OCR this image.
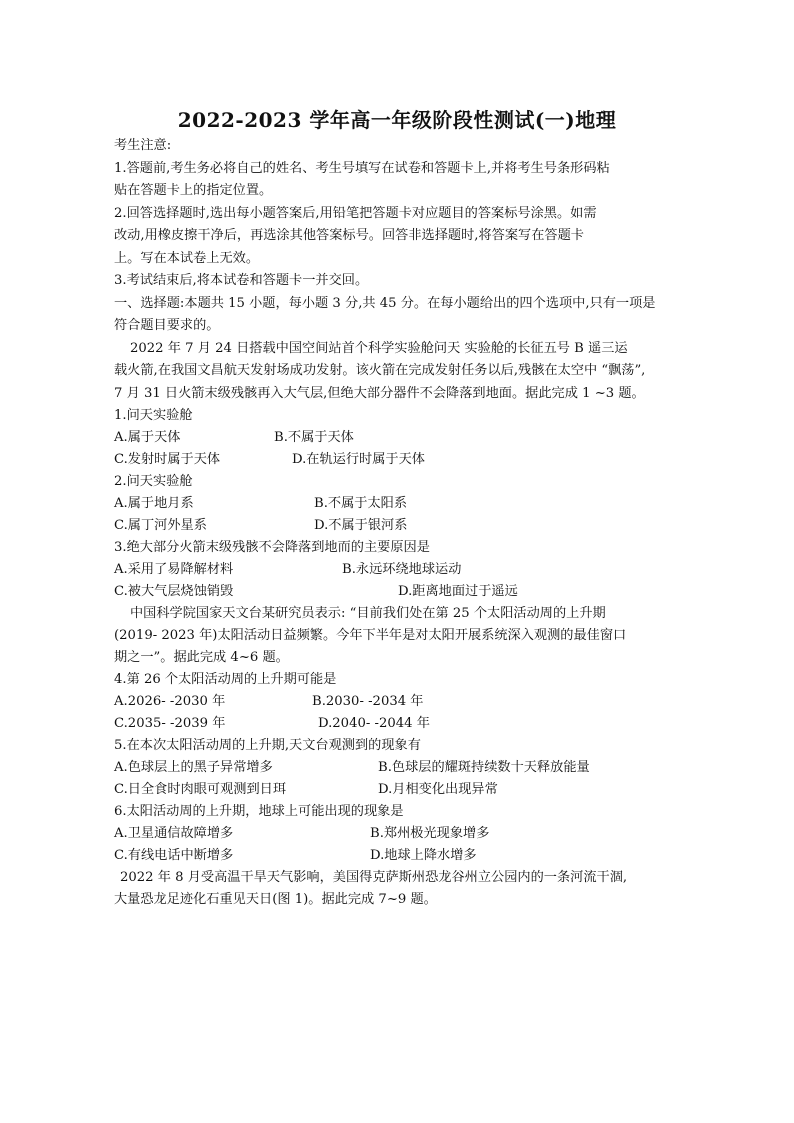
2022-2023 学年高一年级阶段性测试(一)地理
考生注意:
1.答题前,考生务必将自己的姓名、考生号填写在试卷和答题卡上,并将考生号条形码粘
贴在答题卡上的指定位置。
2.回答选择题时,选出每小题答案后,用铅笔把答题卡对应题目的答案标号涂黑。如需
改动,用橡皮擦干净后，再选涂其他答案标号。回答非选择题时,将答案写在答题卡
上。写在本试卷上无效。
3.考试结束后,将本试卷和答题卡一并交回。
一、选择题:本题共 15 小题，每小题 3 分,共 45 分。在每小题给出的四个选项中,只有一项是
符合题目要求的。
2022 年 7 月 24 日搭载中国空间站首个科学实验舱问天 实验舱的长征五号 B 遥三运
载火箭,在我国文昌航天发射场成功发射。该火箭在完成发射任务以后,残骸在太空中 “飘荡”,
7 月 31 日火箭末级残骸再入大气层,但绝大部分器件不会降落到地面。据此完成 1 ~3 题。
1.问天实验舱
A.属于天体	B.不属于天体
C.发射时属于天体	D.在轨运行时属于天体
2.问天实验舱
A.属于地月系	B.不属于太阳系
C.属丁河外星系	D.不属于银河系
3.绝大部分火箭末级残骸不会降落到地而的主要原因是
A.采用了易降解材料	B.永远环绕地球运动
C.被大气层烧蚀销毁	D.距离地面过于遥远
中国科学院国家天文台某研究员表示: “目前我们处在第 25 个太阳活动周的上升期
(2019- 2023 年)太阳活动日益频繁。今年下半年是对太阳开展系统深入观测的最佳窗口
期之一”。据此完成 4~6 题。
4.第 26 个太阳活动周的上升期可能是
A.2026- -2030 年	B.2030- -2034 年
C.2035- -2039 年	D.2040- -2044 年
5.在本次太阳活动周的上升期,天文台观测到的现象有
A.色球层上的黑子异常增多	B.色球层的耀斑持续数十天释放能量
C.日全食时肉眼可观测到日珥	D.月相变化出现异常
6.太阳活动周的上升期，地球上可能出现的现象是
A.卫星通信故障增多	B.郑州极光现象增多
C.有线电话中断增多	D.地球上降水增多
2022 年 8 月受高温干旱天气影响，美国得克萨斯州恐龙谷州立公园内的一条河流干涸,
大量恐龙足迹化石重见天日(图 1)。据此完成 7~9 题。
